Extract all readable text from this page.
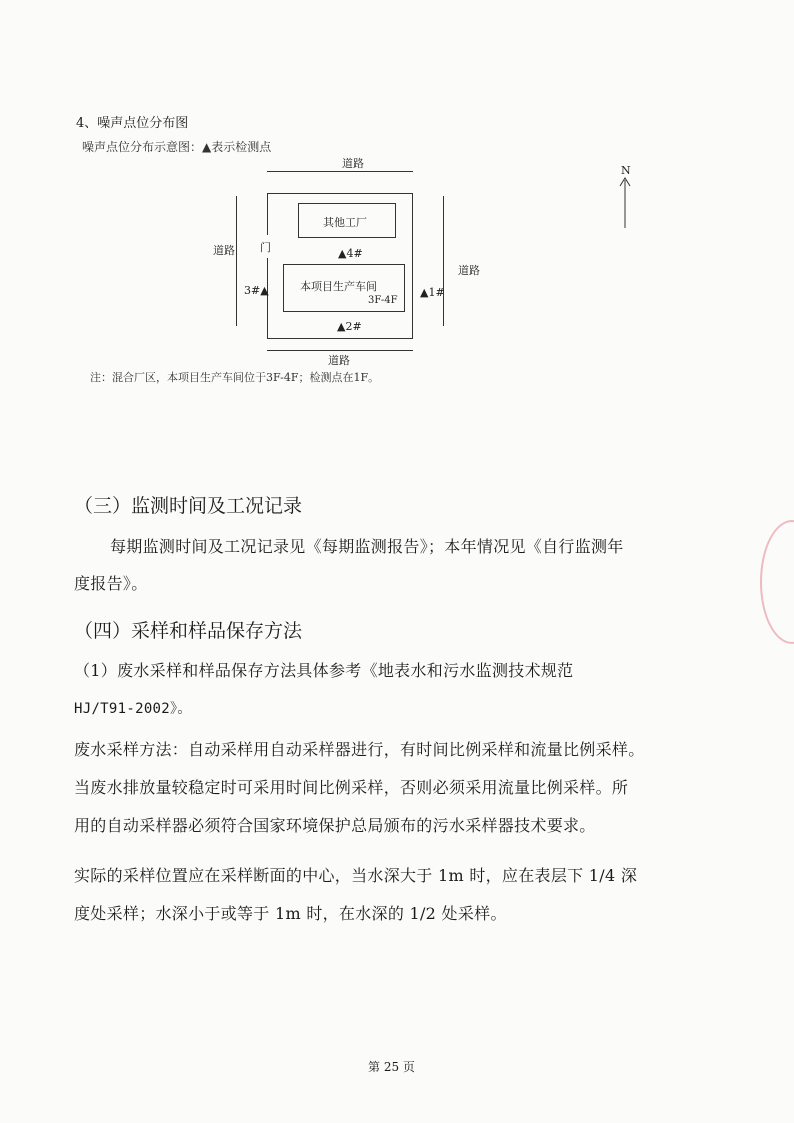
4、噪声点位分布图
噪声点位分布示意图：▲表示检测点
道路
道路
道路
门
其他工厂
▲4#
本项目生产车间
3F-4F
3#▲	▲1#
▲2#
道路
N
注：混合厂区，本项目生产车间位于3F-4F；检测点在1F。
（三）监测时间及工况记录
每期监测时间及工况记录见《每期监测报告》；本年情况见《自行监测年
度报告》。
（四）采样和样品保存方法
（1）废水采样和样品保存方法具体参考《地表水和污水监测技术规范
HJ/T91-2002》。
废水采样方法：自动采样用自动采样器进行，有时间比例采样和流量比例采样。
当废水排放量较稳定时可采用时间比例采样，否则必须采用流量比例采样。所
用的自动采样器必须符合国家环境保护总局颁布的污水采样器技术要求。
实际的采样位置应在采样断面的中心，当水深大于 1m 时，应在表层下 1/4 深
度处采样；水深小于或等于 1m 时，在水深的 1/2 处采样。
第 25 页
